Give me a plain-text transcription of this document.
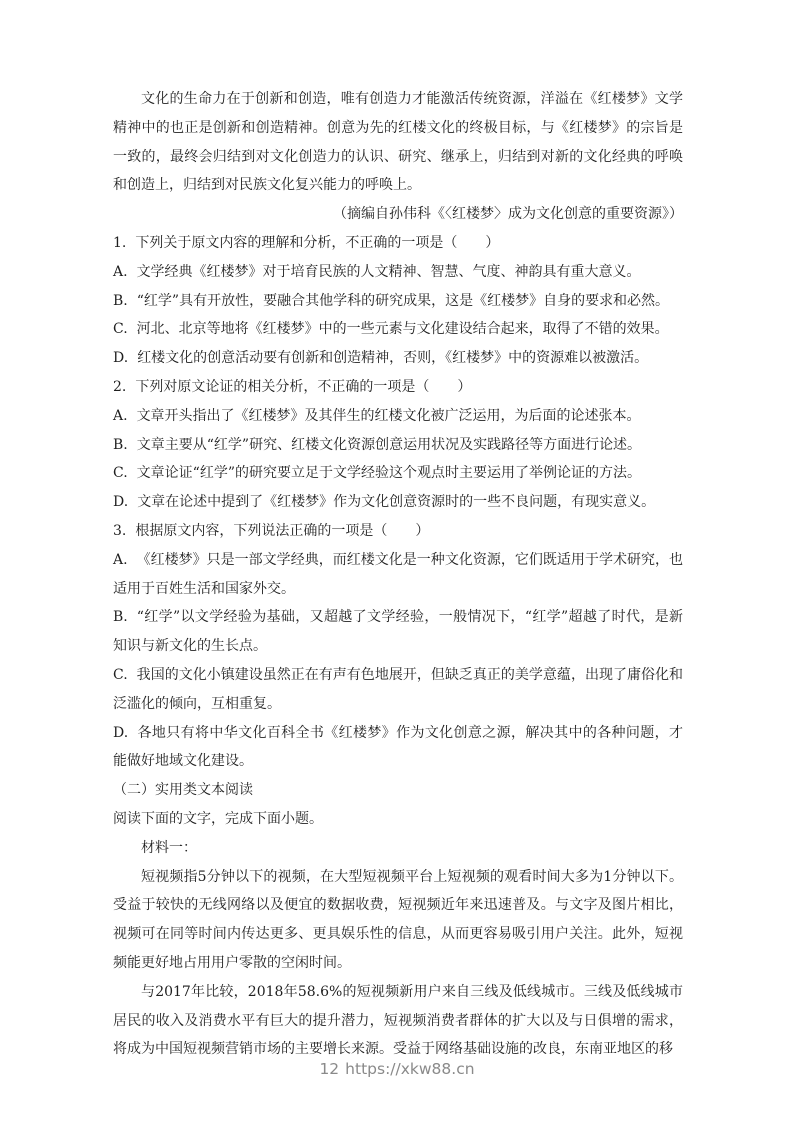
文化的生命力在于创新和创造，唯有创造力才能激活传统资源，洋溢在《红楼梦》文学精神中的也正是创新和创造精神。创意为先的红楼文化的终极目标，与《红楼梦》的宗旨是一致的，最终会归结到对文化创造力的认识、研究、继承上，归结到对新的文化经典的呼唤和创造上，归结到对民族文化复兴能力的呼唤上。

（摘编自孙伟科《〈红楼梦〉成为文化创意的重要资源》）

1. 下列关于原文内容的理解和分析，不正确的一项是（　　）

A. 文学经典《红楼梦》对于培育民族的人文精神、智慧、气度、神韵具有重大意义。

B. “红学”具有开放性，要融合其他学科的研究成果，这是《红楼梦》自身的要求和必然。

C. 河北、北京等地将《红楼梦》中的一些元素与文化建设结合起来，取得了不错的效果。

D. 红楼文化的创意活动要有创新和创造精神，否则，《红楼梦》中的资源难以被激活。

2. 下列对原文论证的相关分析，不正确的一项是（　　）

A. 文章开头指出了《红楼梦》及其伴生的红楼文化被广泛运用，为后面的论述张本。

B. 文章主要从“红学”研究、红楼文化资源创意运用状况及实践路径等方面进行论述。

C. 文章论证“红学”的研究要立足于文学经验这个观点时主要运用了举例论证的方法。

D. 文章在论述中提到了《红楼梦》作为文化创意资源时的一些不良问题，有现实意义。

3. 根据原文内容，下列说法正确的一项是（　　）

A. 《红楼梦》只是一部文学经典，而红楼文化是一种文化资源，它们既适用于学术研究，也适用于百姓生活和国家外交。

B. “红学”以文学经验为基础，又超越了文学经验，一般情况下，“红学”超越了时代，是新知识与新文化的生长点。

C. 我国的文化小镇建设虽然正在有声有色地展开，但缺乏真正的美学意蕴，出现了庸俗化和泛滥化的倾向，互相重复。

D. 各地只有将中华文化百科全书《红楼梦》作为文化创意之源，解决其中的各种问题，才能做好地域文化建设。

（二）实用类文本阅读

阅读下面的文字，完成下面小题。

材料一：

短视频指5分钟以下的视频，在大型短视频平台上短视频的观看时间大多为1分钟以下。受益于较快的无线网络以及便宜的数据收费，短视频近年来迅速普及。与文字及图片相比，视频可在同等时间内传达更多、更具娱乐性的信息，从而更容易吸引用户关注。此外，短视频能更好地占用用户零散的空闲时间。

与2017年比较，2018年58.6%的短视频新用户来自三线及低线城市。三线及低线城市居民的收入及消费水平有巨大的提升潜力，短视频消费者群体的扩大以及与日俱增的需求，将成为中国短视频营销市场的主要增长来源。受益于网络基础设施的改良，东南亚地区的移

12 https://xkw88.cn
